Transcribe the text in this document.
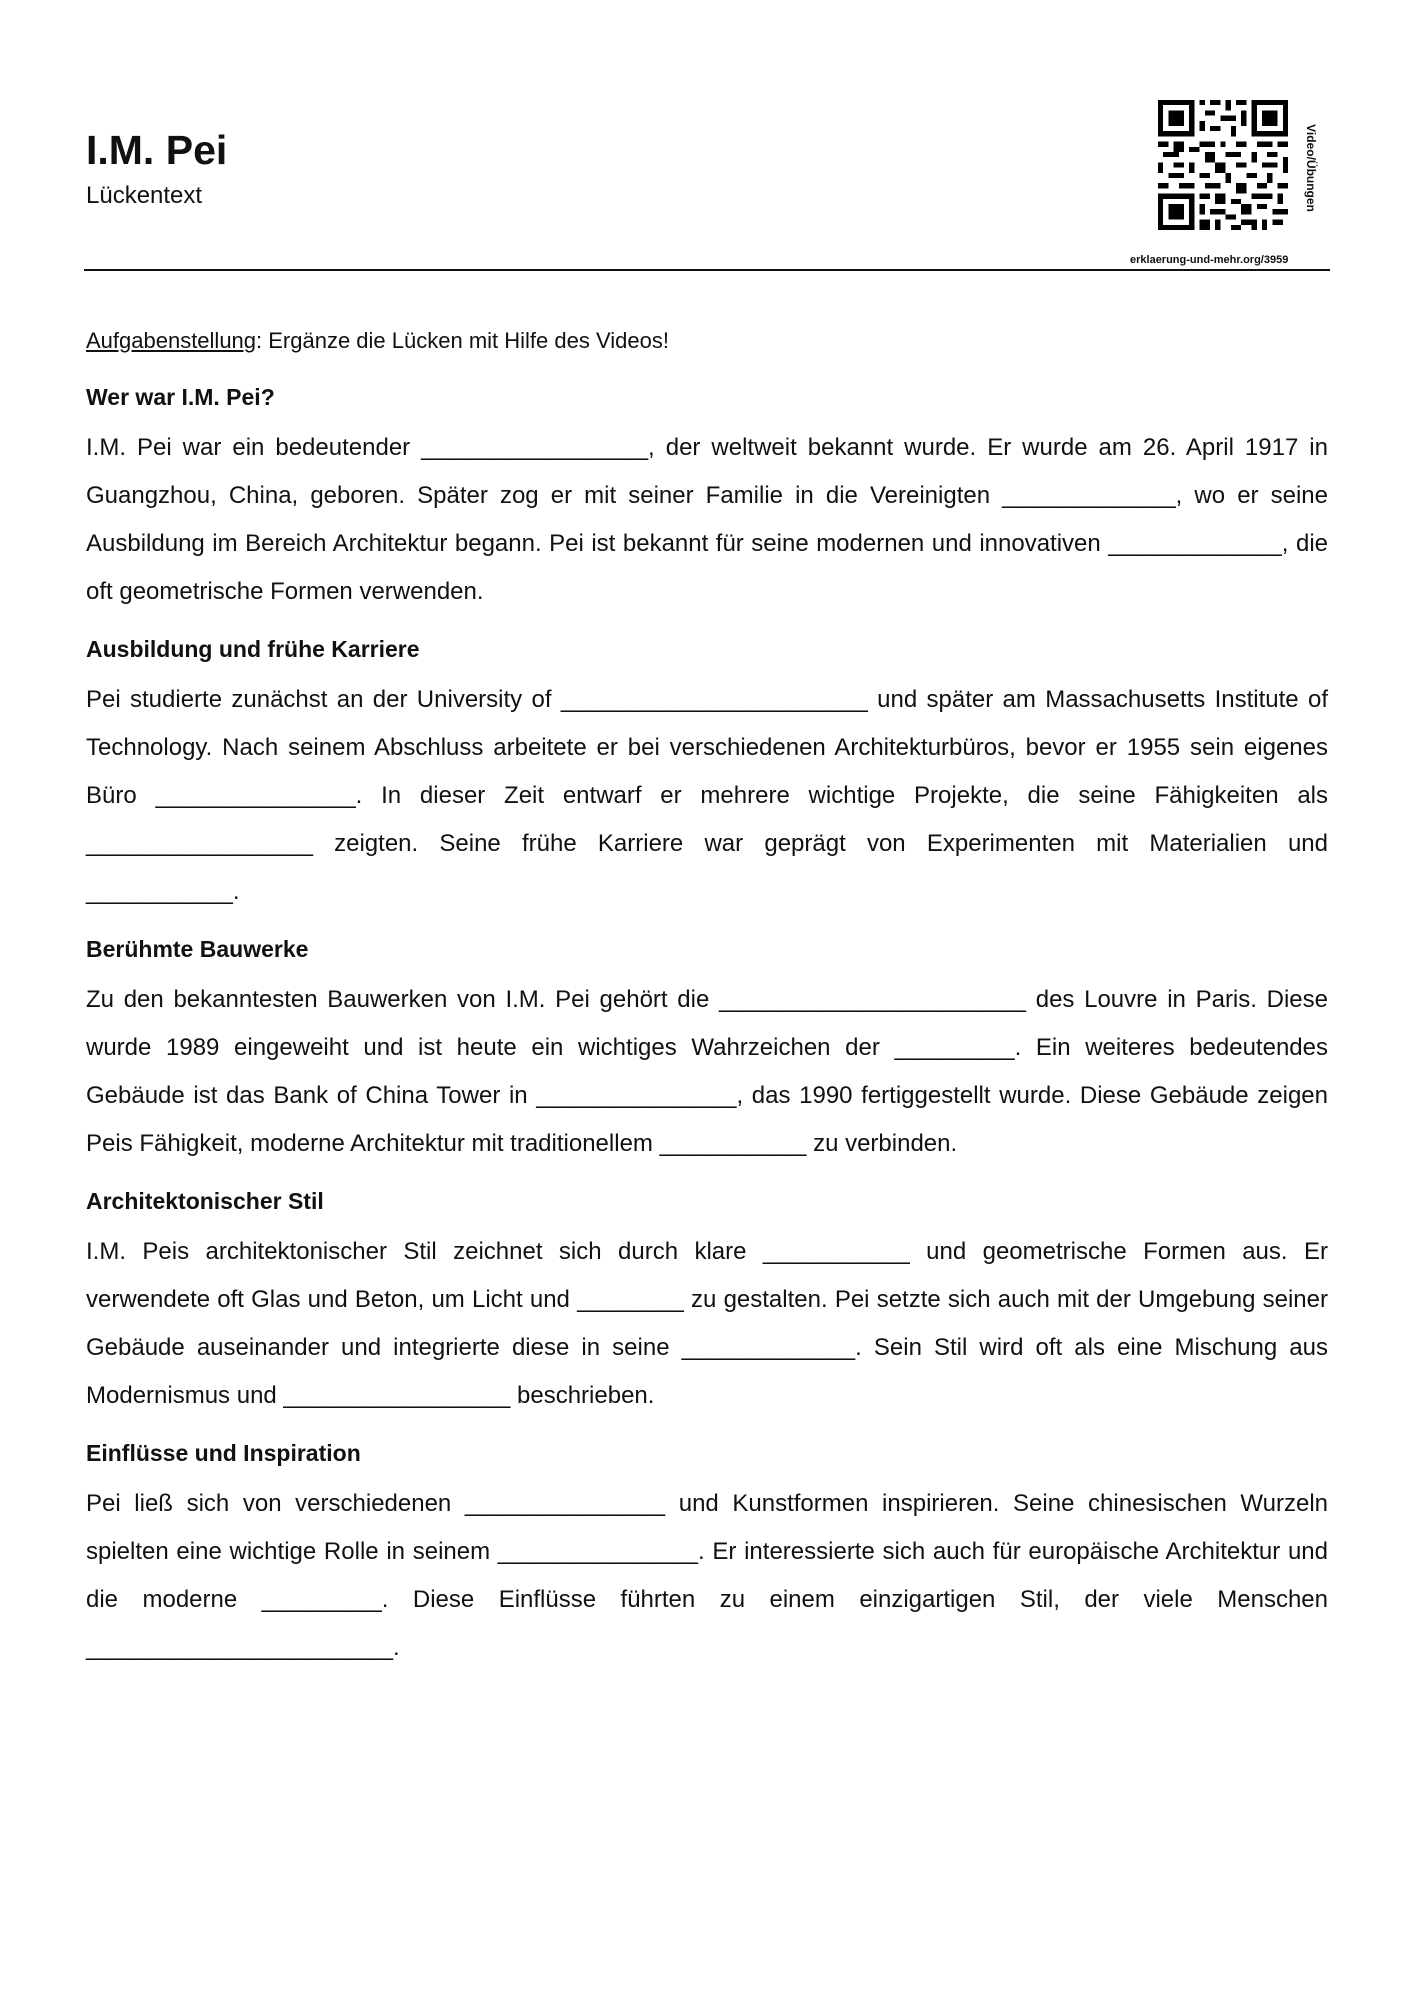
I.M. Pei
Lückentext	Video/Übungen
erklaerung-und-mehr.org/3959
Aufgabenstellung: Ergänze die Lücken mit Hilfe des Videos!
Wer war I.M. Pei?

I.M. Pei war ein bedeutender _________________, der weltweit bekannt wurde. Er wurde am 26. April 1917 in Guangzhou, China, geboren. Später zog er mit seiner Familie in die Vereinigten _____________, wo er seine Ausbildung im Bereich Architektur begann. Pei ist bekannt für seine modernen und innovativen _____________, die oft geometrische Formen verwenden.

Ausbildung und frühe Karriere

Pei studierte zunächst an der University of _______________________ und später am Massachusetts Institute of Technology. Nach seinem Abschluss arbeitete er bei verschiedenen Architekturbüros, bevor er 1955 sein eigenes Büro _______________. In dieser Zeit entwarf er mehrere wichtige Projekte, die seine Fähigkeiten als _________________ zeigten. Seine frühe Karriere war geprägt von Experimenten mit Materialien und ___________.

Berühmte Bauwerke

Zu den bekanntesten Bauwerken von I.M. Pei gehört die _______________________ des Louvre in Paris. Diese wurde 1989 eingeweiht und ist heute ein wichtiges Wahrzeichen der _________. Ein weiteres bedeutendes Gebäude ist das Bank of China Tower in _______________, das 1990 fertiggestellt wurde. Diese Gebäude zeigen Peis Fähigkeit, moderne Architektur mit traditionellem ___________ zu verbinden.

Architektonischer Stil

I.M. Peis architektonischer Stil zeichnet sich durch klare ___________ und geometrische Formen aus. Er verwendete oft Glas und Beton, um Licht und ________ zu gestalten. Pei setzte sich auch mit der Umgebung seiner Gebäude auseinander und integrierte diese in seine _____________. Sein Stil wird oft als eine Mischung aus Modernismus und _________________ beschrieben.

Einflüsse und Inspiration

Pei ließ sich von verschiedenen _______________ und Kunstformen inspirieren. Seine chinesischen Wurzeln spielten eine wichtige Rolle in seinem _______________. Er interessierte sich auch für europäische Architektur und die moderne _________. Diese Einflüsse führten zu einem einzigartigen Stil, der viele Menschen _______________________.
